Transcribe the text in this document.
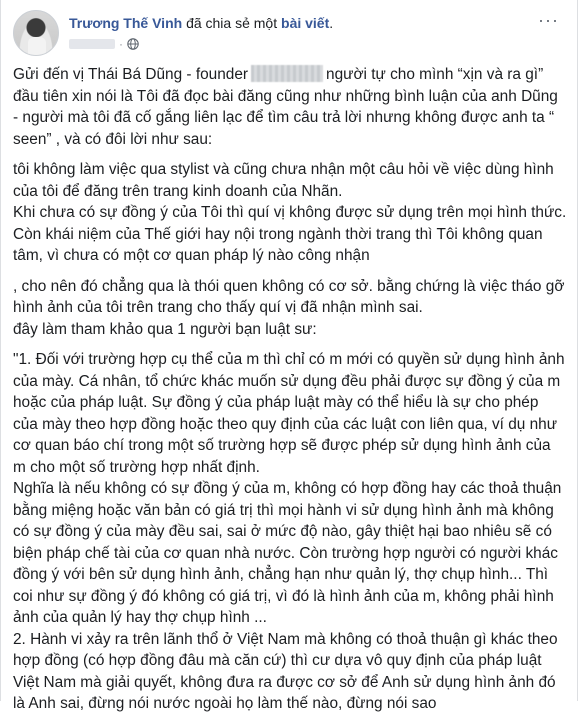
Trương Thế Vinh đã chia sẻ một bài viết.
·
···

Gửi đến vị Thái Bá Dũng - founder	người tự cho mình “xịn và ra gì” đầu tiên xin nói là Tôi đã đọc bài đăng cũng như những bình luận của anh Dũng - người mà tôi đã cố gắng liên lạc để tìm câu trả lời nhưng không được anh ta “ seen” , và có đôi lời như sau:

tôi không làm việc qua stylist và cũng chưa nhận một câu hỏi về việc dùng hình của tôi để đăng trên trang kinh doanh của Nhãn.

Khi chưa có sự đồng ý của Tôi thì quí vị không được sử dụng trên mọi hình thức. Còn khái niệm của Thế giới hay nội trong ngành thời trang thì Tôi không quan tâm, vì chưa có một cơ quan pháp lý nào công nhận

, cho nên đó chẳng qua là thói quen không có cơ sở. bằng chứng là việc tháo gỡ hình ảnh của tôi trên trang cho thấy quí vị đã nhận mình sai.

đây làm tham khảo qua 1 người bạn luật sư:

"1. Đối với trường hợp cụ thể của m thì chỉ có m mới có quyền sử dụng hình ảnh của mày. Cá nhân, tổ chức khác muốn sử dụng đều phải được sự đồng ý của m hoặc của pháp luật. Sự đồng ý của pháp luật mày có thể hiểu là sự cho phép của mày theo hợp đồng hoặc theo quy định của các luật con liên qua, ví dụ như cơ quan báo chí trong một số trường hợp sẽ được phép sử dụng hình ảnh của m cho một số trường hợp nhất định.

Nghĩa là nếu không có sự đồng ý của m, không có hợp đồng hay các thoả thuận bằng miệng hoặc văn bản có giá trị thì mọi hành vi sử dụng hình ảnh mà không có sự đồng ý của mày đều sai, sai ở mức độ nào, gây thiệt hại bao nhiêu sẽ có biện pháp chế tài của cơ quan nhà nước. Còn trường hợp người có người khác đồng ý với bên sử dụng hình ảnh, chẳng hạn như quản lý, thợ chụp hình... Thì coi như sự đồng ý đó không có giá trị, vì đó là hình ảnh của m, không phải hình ảnh của quản lý hay thợ chụp hình ...

2. Hành vi xảy ra trên lãnh thổ ở Việt Nam mà không có thoả thuận gì khác theo hợp đồng (có hợp đồng đâu mà căn cứ) thì cư dựa vô quy định của pháp luật Việt Nam mà giải quyết, không đưa ra được cơ sở để Anh sử dụng hình ảnh đó là Anh sai, đừng nói nước ngoài họ làm thế nào, đừng nói sao
